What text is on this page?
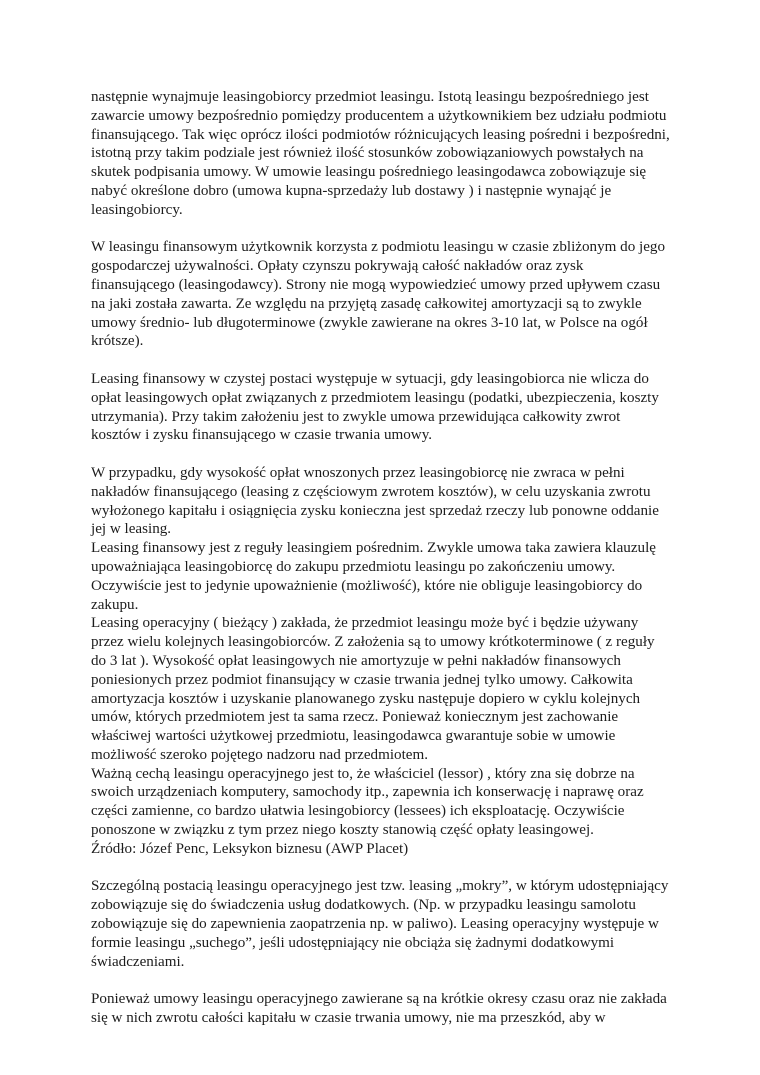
następnie wynajmuje leasingobiorcy przedmiot leasingu. Istotą leasingu bezpośredniego jest zawarcie umowy bezpośrednio pomiędzy producentem a użytkownikiem bez udziału podmiotu finansującego. Tak więc oprócz ilości podmiotów różnicujących leasing pośredni i bezpośredni, istotną przy takim podziale jest również ilość stosunków zobowiązaniowych powstałych na skutek podpisania umowy. W umowie leasingu pośredniego leasingodawca zobowiązuje się nabyć określone dobro (umowa kupna-sprzedaży lub dostawy ) i następnie wynająć je leasingobiorcy.

W leasingu finansowym użytkownik korzysta z podmiotu leasingu w czasie zbliżonym do jego gospodarczej używalności. Opłaty czynszu pokrywają całość nakładów oraz zysk finansującego (leasingodawcy). Strony nie mogą wypowiedzieć umowy przed upływem czasu na jaki została zawarta. Ze względu na przyjętą zasadę całkowitej amortyzacji są to zwykle umowy średnio- lub długoterminowe (zwykle zawierane na okres 3-10 lat, w Polsce na ogół krótsze).

Leasing finansowy w czystej postaci występuje w sytuacji, gdy leasingobiorca nie wlicza do opłat leasingowych opłat związanych z przedmiotem leasingu (podatki, ubezpieczenia, koszty utrzymania). Przy takim założeniu jest to zwykle umowa przewidująca całkowity zwrot kosztów i zysku finansującego w czasie trwania umowy.

W przypadku, gdy wysokość opłat wnoszonych przez leasingobiorcę nie zwraca w pełni nakładów finansującego (leasing z częściowym zwrotem kosztów), w celu uzyskania zwrotu wyłożonego kapitału i osiągnięcia zysku konieczna jest sprzedaż rzeczy lub ponowne oddanie jej w leasing.

Leasing finansowy jest z reguły leasingiem pośrednim. Zwykle umowa taka zawiera klauzulę upoważniająca leasingobiorcę do zakupu przedmiotu leasingu po zakończeniu umowy. Oczywiście jest to jedynie upoważnienie (możliwość), które nie obliguje leasingobiorcy do zakupu.

Leasing operacyjny ( bieżący ) zakłada, że przedmiot leasingu może być i będzie używany przez wielu kolejnych leasingobiorców. Z założenia są to umowy krótkoterminowe ( z reguły do 3 lat ). Wysokość opłat leasingowych nie amortyzuje w pełni nakładów finansowych poniesionych przez podmiot finansujący w czasie trwania jednej tylko umowy. Całkowita amortyzacja kosztów i uzyskanie planowanego zysku następuje dopiero w cyklu kolejnych umów, których przedmiotem jest ta sama rzecz. Ponieważ koniecznym jest zachowanie właściwej wartości użytkowej przedmiotu, leasingodawca gwarantuje sobie w umowie możliwość szeroko pojętego nadzoru nad przedmiotem.

Ważną cechą leasingu operacyjnego jest to, że właściciel (lessor) , który zna się dobrze na swoich urządzeniach komputery, samochody itp., zapewnia ich konserwację i naprawę oraz części zamienne, co bardzo ułatwia lesingobiorcy (lessees) ich eksploatację. Oczywiście ponoszone w związku z tym przez niego koszty stanowią część opłaty leasingowej.

Źródło: Józef Penc, Leksykon biznesu (AWP Placet)

Szczególną postacią leasingu operacyjnego jest tzw. leasing „mokry”, w którym udostępniający zobowiązuje się do świadczenia usług dodatkowych. (Np. w przypadku leasingu samolotu zobowiązuje się do zapewnienia zaopatrzenia np. w paliwo). Leasing operacyjny występuje w formie leasingu „suchego”, jeśli udostępniający nie obciąża się żadnymi dodatkowymi świadczeniami.

Ponieważ umowy leasingu operacyjnego zawierane są na krótkie okresy czasu oraz nie zakłada się w nich zwrotu całości kapitału w czasie trwania umowy, nie ma przeszkód, aby w
